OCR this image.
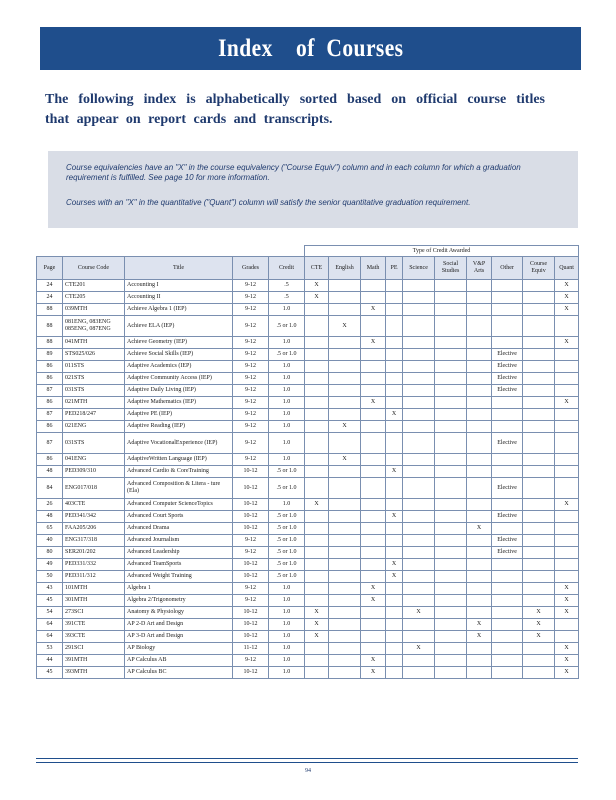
Index    of  Courses
The following index is alphabetically sorted based on official course titles that appear on report cards and transcripts.

Course equivalencies have an "X" in the course equivalency ("Course Equiv") column and in each column for which a graduation requirement is fulfilled. See page 10 for more information.

Courses with an "X" in the quantitative ("Quant") column will satisfy the senior quantitative graduation requirement.

					Type of Credit Awarded									
Page	Course Code	Title	Grades	Credit	CTE	English	Math	PE	Science	Social Studies	V&P Arts	Other	Course Equiv	Quant
24	CTE201	Accounting I	9-12	.5	X									X
24	CTE205	Accounting II	9-12	.5	X									X
88	039MTH	Achieve Algebra 1 (IEP)	9-12	1.0			X							X
88	081ENG, 083ENG 085ENG, 087ENG	Achieve ELA (IEP)	9-12	.5 or 1.0		X								
88	041MTH	Achieve Geometry (IEP)	9-12	1.0			X							X
89	STS025/026	Achieve Social Skills (IEP)	9-12	.5 or 1.0								Elective		
86	011STS	Adaptive Academics (IEP)	9-12	1.0								Elective		
86	021STS	Adaptive Community Access (IEP)	9-12	1.0								Elective		
87	031STS	Adaptive Daily Living (IEP)	9-12	1.0								Elective		
86	021MTH	Adaptive Mathematics (IEP)	9-12	1.0			X							X
87	PED218/247	Adaptive PE (IEP)	9-12	1.0				X						
86	021ENG	Adaptive Reading (IEP)	9-12	1.0		X								
87	031STS	Adaptive VocationalExperience (IEP)	9-12	1.0								Elective		
86	041ENG	AdaptiveWritten Language (IEP)	9-12	1.0		X								
48	PED309/310	Advanced Cardio & CoreTraining	10-12	.5 or 1.0				X						
84	ENG017/018	Advanced Composition & Litera - ture (Ela)	10-12	.5 or 1.0								Elective		
26	403CTE	Advanced Computer ScienceTopics	10-12	1.0	X									X
48	PED341/342	Advanced Court Sports	10-12	.5 or 1.0				X				Elective		
65	FAA205/206	Advanced Drama	10-12	.5 or 1.0							X			
40	ENG317/318	Advanced Journalism	9-12	.5 or 1.0								Elective		
80	SER201/202	Advanced Leadership	9-12	.5 or 1.0								Elective		
49	PED331/332	Advanced TeamSports	10-12	.5 or 1.0				X						
50	PED311/312	Advanced Weight Training	10-12	.5 or 1.0				X						
43	101MTH	Algebra 1	9-12	1.0			X							X
45	301MTH	Algebra 2/Trigonometry	9-12	1.0			X							X
54	273SCI	Anatomy & Physiology	10-12	1.0	X				X				X	X
64	391CTE	AP 2-D Art and Design	10-12	1.0	X						X		X	
64	393CTE	AP 3-D Art and Design	10-12	1.0	X						X		X	
53	291SCI	AP Biology	11-12	1.0					X					X
44	391MTH	AP Calculus AB	9-12	1.0			X							X
45	393MTH	AP Calculus BC	10-12	1.0			X							X
94
